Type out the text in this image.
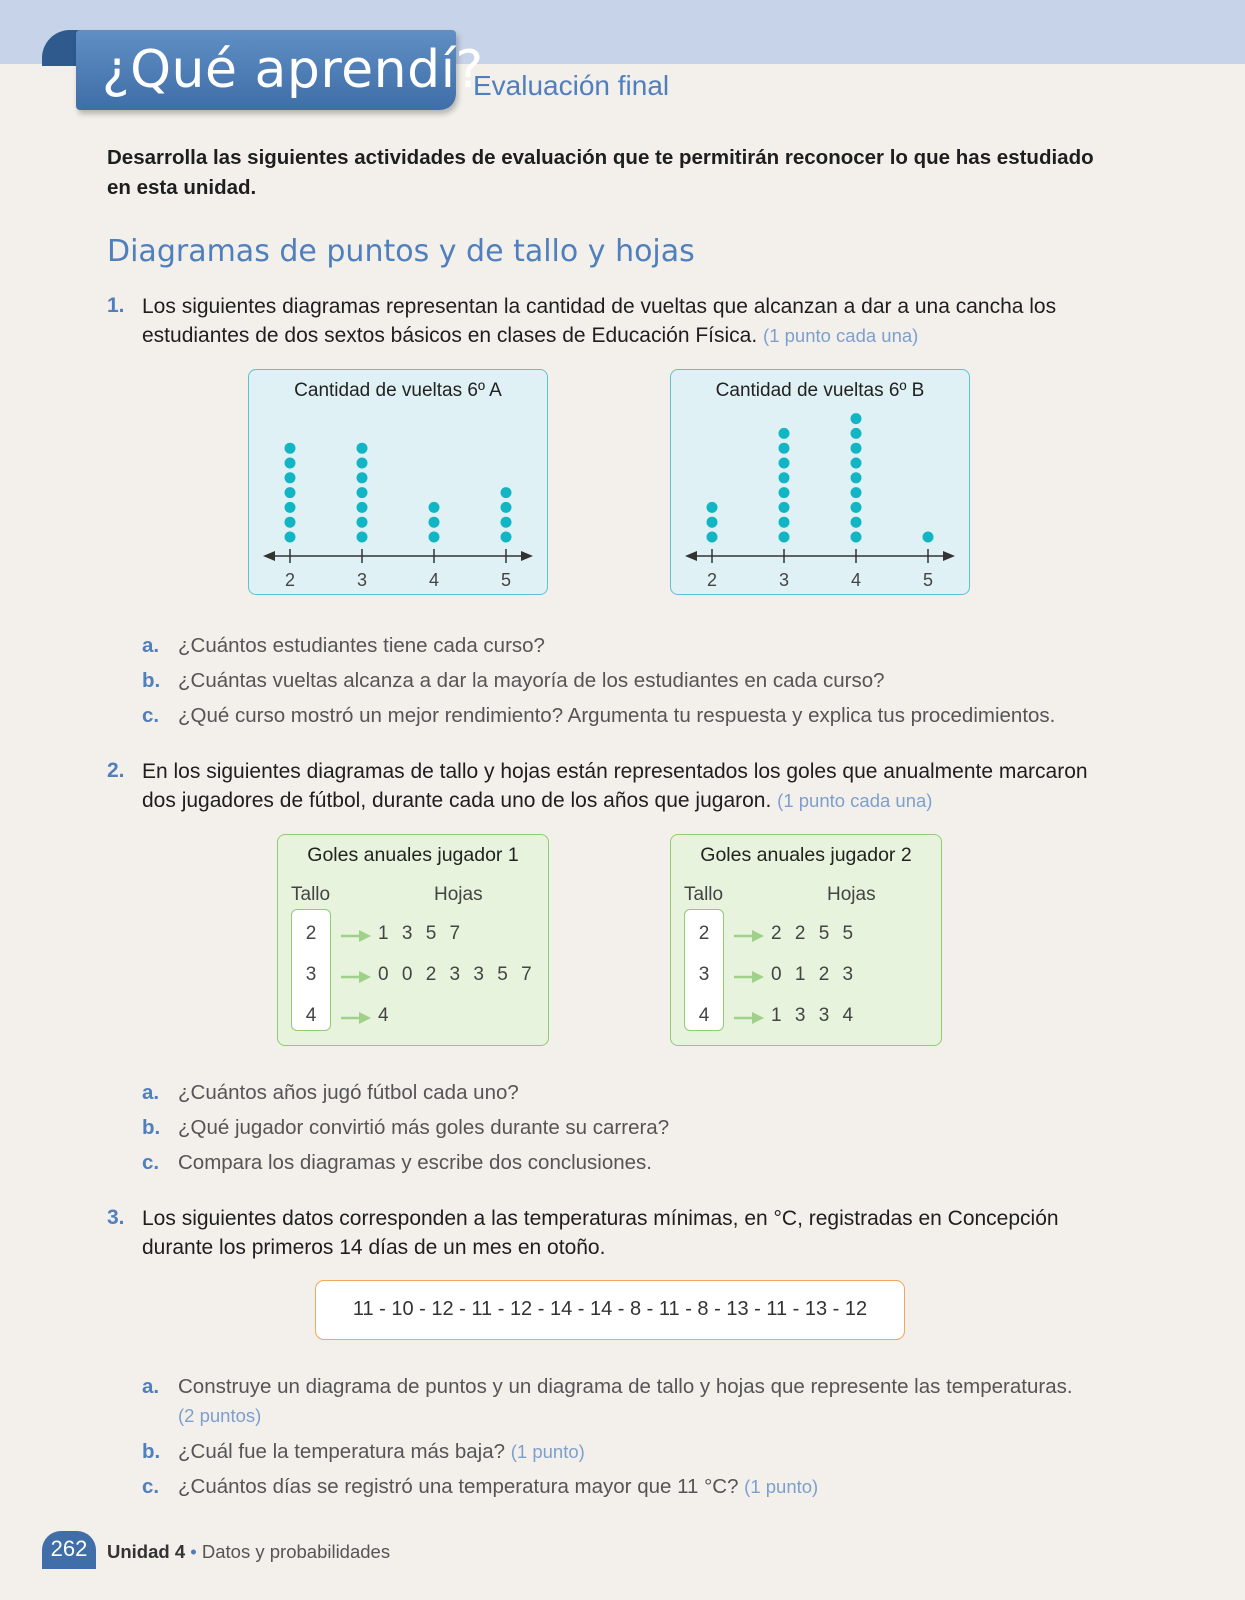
¿Qué aprendí?
Evaluación final
Desarrolla las siguientes actividades de evaluación que te permitirán reconocer lo que has estudiado en esta unidad.
Diagramas de puntos y de tallo y hojas
1. Los siguientes diagramas representan la cantidad de vueltas que alcanzan a dar a una cancha los estudiantes de dos sextos básicos en clases de Educación Física. (1 punto cada una)
Cantidad de vueltas 6º A
2	3	4	5
Cantidad de vueltas 6º B
2	3	4	5
a. ¿Cuántos estudiantes tiene cada curso?
b. ¿Cuántas vueltas alcanza a dar la mayoría de los estudiantes en cada curso?
c. ¿Qué curso mostró un mejor rendimiento? Argumenta tu respuesta y explica tus procedimientos.
2. En los siguientes diagramas de tallo y hojas están representados los goles que anualmente marcaron dos jugadores de fútbol, durante cada uno de los años que jugaron. (1 punto cada una)
Goles anuales jugador 1
Tallo	Hojas
2	1 3 5 7
3	0 0 2 3 3 5 7
4	4
Goles anuales jugador 2
Tallo	Hojas
2	2 2 5 5
3	0 1 2 3
4	1 3 3 4
a. ¿Cuántos años jugó fútbol cada uno?
b. ¿Qué jugador convirtió más goles durante su carrera?
c. Compara los diagramas y escribe dos conclusiones.
3. Los siguientes datos corresponden a las temperaturas mínimas, en °C, registradas en Concepción durante los primeros 14 días de un mes en otoño.
11 - 10 - 12 - 11 - 12 - 14 - 14 - 8 - 11 - 8 - 13 - 11 - 13 - 12
a. Construye un diagrama de puntos y un diagrama de tallo y hojas que represente las temperaturas.
(2 puntos)
b. ¿Cuál fue la temperatura más baja? (1 punto)
c. ¿Cuántos días se registró una temperatura mayor que 11 °C? (1 punto)
262	Unidad 4 • Datos y probabilidades
